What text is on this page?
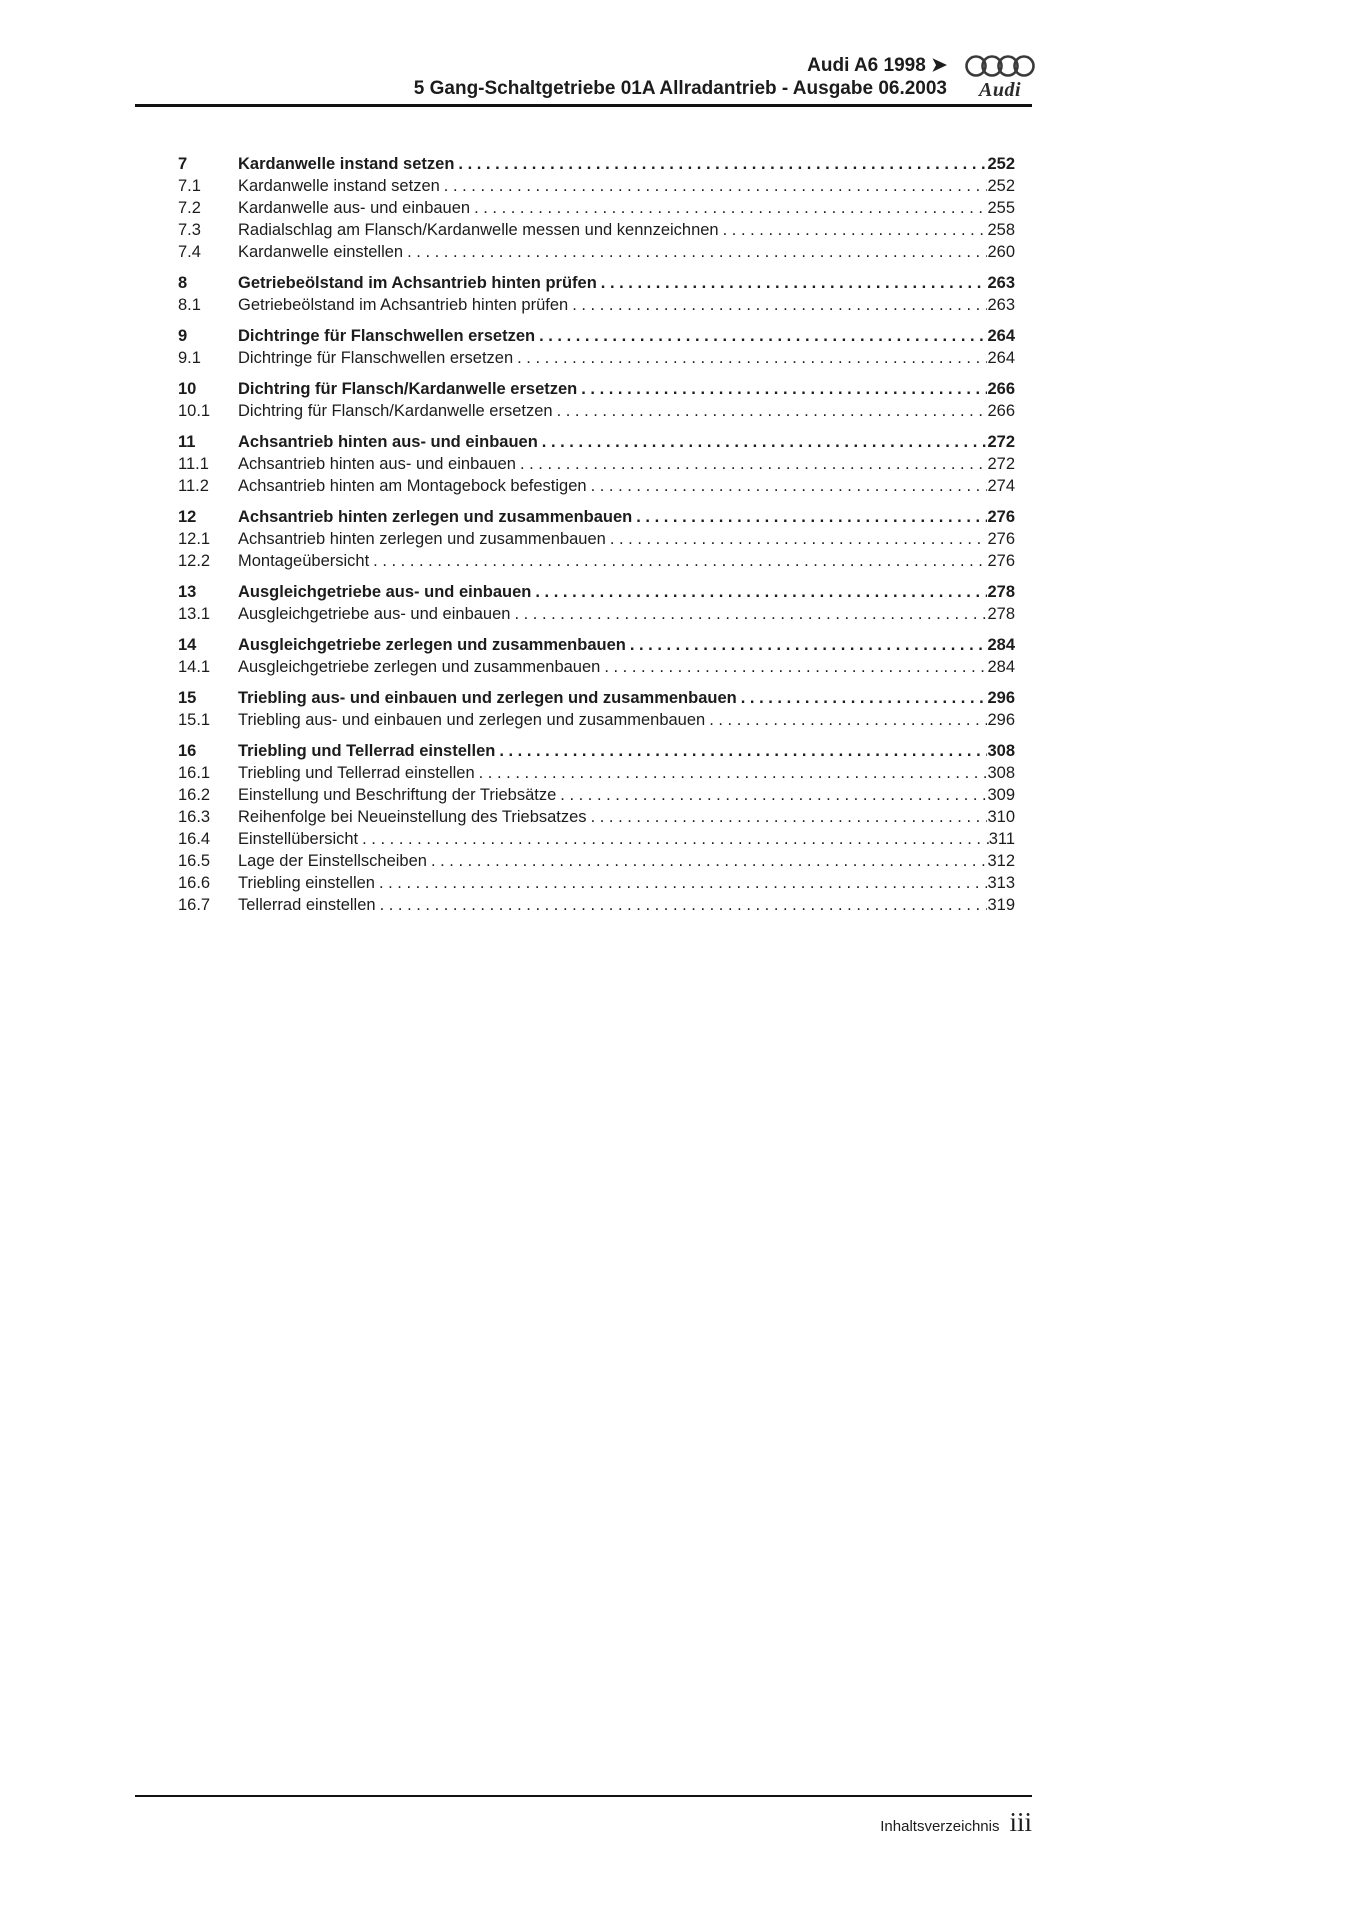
Audi A6 1998 ➤
5 Gang-Schaltgetriebe 01A Allradantrieb - Ausgabe 06.2003 Audi
7	Kardanwelle instand setzen . . .	252
7.1	Kardanwelle instand setzen . . .	252
7.2	Kardanwelle aus- und einbauen . . .	255
7.3	Radialschlag am Flansch/Kardanwelle messen und kennzeichnen . . .	258
7.4	Kardanwelle einstellen . . .	260
8	Getriebeölstand im Achsantrieb hinten prüfen . . .	263
8.1	Getriebeölstand im Achsantrieb hinten prüfen . . .	263
9	Dichtringe für Flanschwellen ersetzen . . .	264
9.1	Dichtringe für Flanschwellen ersetzen . . .	264
10	Dichtring für Flansch/Kardanwelle ersetzen . . .	266
10.1	Dichtring für Flansch/Kardanwelle ersetzen . . .	266
11	Achsantrieb hinten aus- und einbauen . . .	272
11.1	Achsantrieb hinten aus- und einbauen . . .	272
11.2	Achsantrieb hinten am Montagebock befestigen . . .	274
12	Achsantrieb hinten zerlegen und zusammenbauen . . .	276
12.1	Achsantrieb hinten zerlegen und zusammenbauen . . .	276
12.2	Montageübersicht . . .	276
13	Ausgleichgetriebe aus- und einbauen . . .	278
13.1	Ausgleichgetriebe aus- und einbauen . . .	278
14	Ausgleichgetriebe zerlegen und zusammenbauen . . .	284
14.1	Ausgleichgetriebe zerlegen und zusammenbauen . . .	284
15	Triebling aus- und einbauen und zerlegen und zusammenbauen . . .	296
15.1	Triebling aus- und einbauen und zerlegen und zusammenbauen . . .	296
16	Triebling und Tellerrad einstellen . . .	308
16.1	Triebling und Tellerrad einstellen . . .	308
16.2	Einstellung und Beschriftung der Triebsätze . . .	309
16.3	Reihenfolge bei Neueinstellung des Triebsatzes . . .	310
16.4	Einstellübersicht . . .	311
16.5	Lage der Einstellscheiben . . .	312
16.6	Triebling einstellen . . .	313
16.7	Tellerrad einstellen . . .	319
Inhaltsverzeichnis iii
